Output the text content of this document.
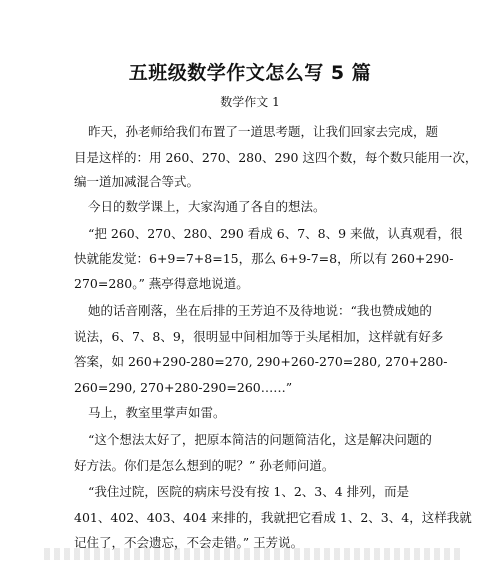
五班级数学作文怎么写 5 篇
数学作文 1
昨天，孙老师给我们布置了一道思考题，让我们回家去完成，题
目是这样的：用 260、270、280、290 这四个数，每个数只能用一次，
编一道加减混合等式。
今日的数学课上，大家沟通了各自的想法。
“把 260、270、280、290 看成 6、7、8、9 来做，认真观看，很
快就能发觉：6+9=7+8=15，那么 6+9-7=8，所以有 260+290-
270=280。” 燕亭得意地说道。
她的话音刚落，坐在后排的王芳迫不及待地说：“我也赞成她的
说法，6、7、8、9，很明显中间相加等于头尾相加，这样就有好多
答案，如 260+290-280=270, 290+260-270=280, 270+280-
260=290, 270+280-290=260……”
马上，教室里掌声如雷。
“这个想法太好了，把原本简洁的问题简洁化，这是解决问题的
好方法。你们是怎么想到的呢？” 孙老师问道。
“我住过院，医院的病床号没有按 1、2、3、4 排列，而是
401、402、403、404 来排的，我就把它看成 1、2、3、4，这样我就
记住了，不会遗忘，不会走错。” 王芳说。
